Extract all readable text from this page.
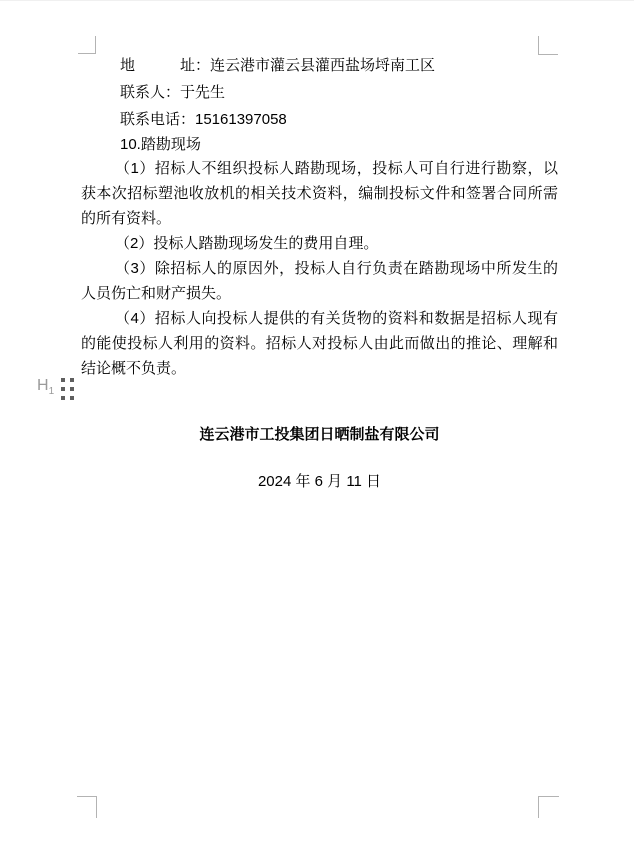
$H_1$

地　　　址：连云港市灌云县灌西盐场埒南工区

联系人：于先生

联系电话：15161397058

10.踏勘现场

（1）招标人不组织投标人踏勘现场，投标人可自行进行勘察，以获本次招标塑池收放机的相关技术资料，编制投标文件和签署合同所需的所有资料。

（2）投标人踏勘现场发生的费用自理。

（3）除招标人的原因外，投标人自行负责在踏勘现场中所发生的人员伤亡和财产损失。

（4）招标人向投标人提供的有关货物的资料和数据是招标人现有的能使投标人利用的资料。招标人对投标人由此而做出的推论、理解和结论概不负责。

连云港市工投集团日晒制盐有限公司

2024 年 6 月 11 日
